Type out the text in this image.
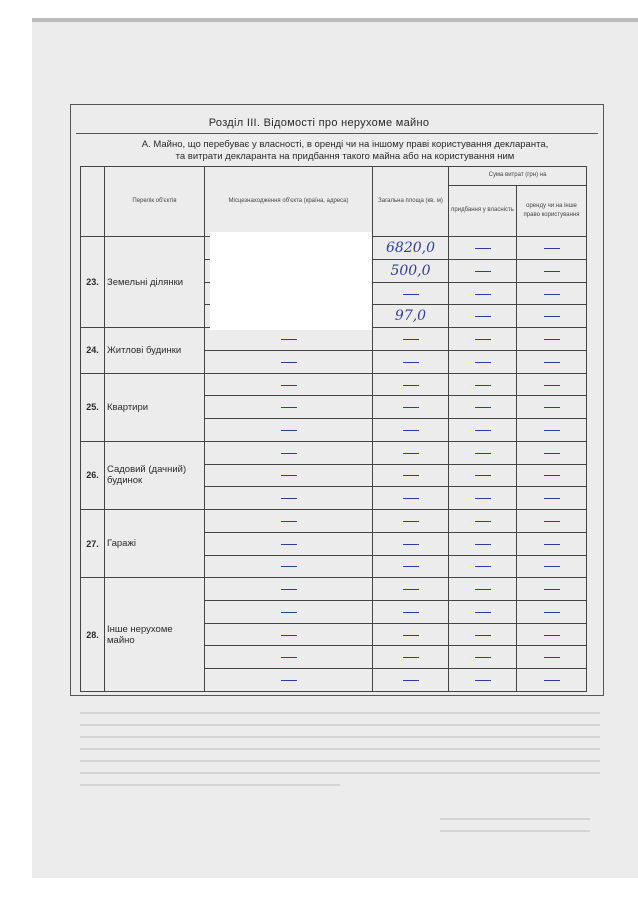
Розділ ІІІ. Відомості про нерухоме майно
А. Майно, що перебуває у власності, в оренді чи на іншому праві користування декларанта,
та витрати декларанта на придбання такого майна або на користування ним
	Перелік об'єктів	Місцезнаходження об'єкта (країна, адреса)	Загальна площа (кв. м)	Сума витрат (грн) на	
				придбання у власність	оренду чи на інше право користування
23.	Земельні ділянки		6820,0		
			500,0		

			97,0		
24.	Житлові будинки				

25.	Квартири				

26.	Садовий (дачний) будинок				

27.	Гаражі				

28.	Інше нерухоме майно				
